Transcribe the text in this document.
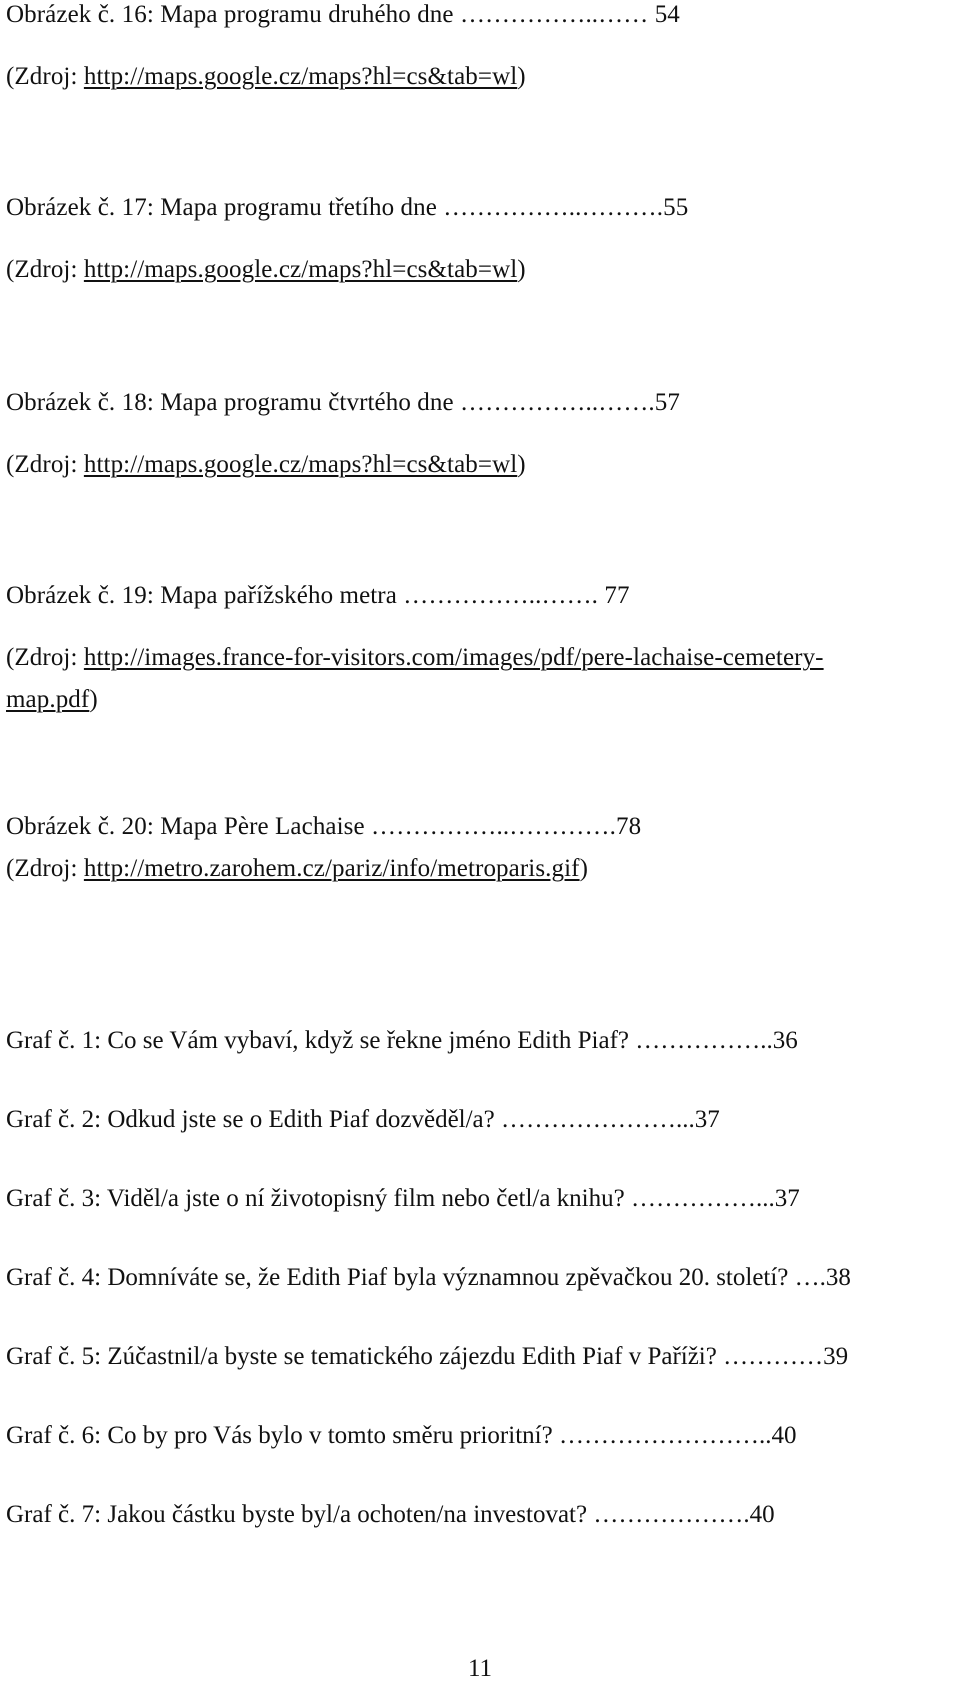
Obrázek č. 16: Mapa programu druhého dne ……………..…… 54
(Zdroj: http://maps.google.cz/maps?hl=cs&tab=wl)
Obrázek č. 17: Mapa programu třetího dne ……………..……….55
(Zdroj: http://maps.google.cz/maps?hl=cs&tab=wl)
Obrázek č. 18: Mapa programu čtvrtého dne ……………..…….57
(Zdroj: http://maps.google.cz/maps?hl=cs&tab=wl)
Obrázek č. 19: Mapa pařížského metra ……………..……. 77
(Zdroj: http://images.france-for-visitors.com/images/pdf/pere-lachaise-cemetery-
map.pdf)
Obrázek č. 20: Mapa Père Lachaise ……………..………….78
(Zdroj: http://metro.zarohem.cz/pariz/info/metroparis.gif)
Graf č. 1: Co se Vám vybaví, když se řekne jméno Edith Piaf? ……………..36
Graf č. 2: Odkud jste se o Edith Piaf dozvěděl/a? …………………...37
Graf č. 3: Viděl/a jste o ní životopisný film nebo četl/a knihu? ……………...37
Graf č. 4: Domníváte se, že Edith Piaf byla významnou zpěvačkou 20. století? ….38
Graf č. 5: Zúčastnil/a byste se tematického zájezdu Edith Piaf v Paříži? …………39
Graf č. 6: Co by pro Vás bylo v tomto směru prioritní? ……………………..40
Graf č. 7: Jakou částku byste byl/a ochoten/na investovat? ……………….40
11
